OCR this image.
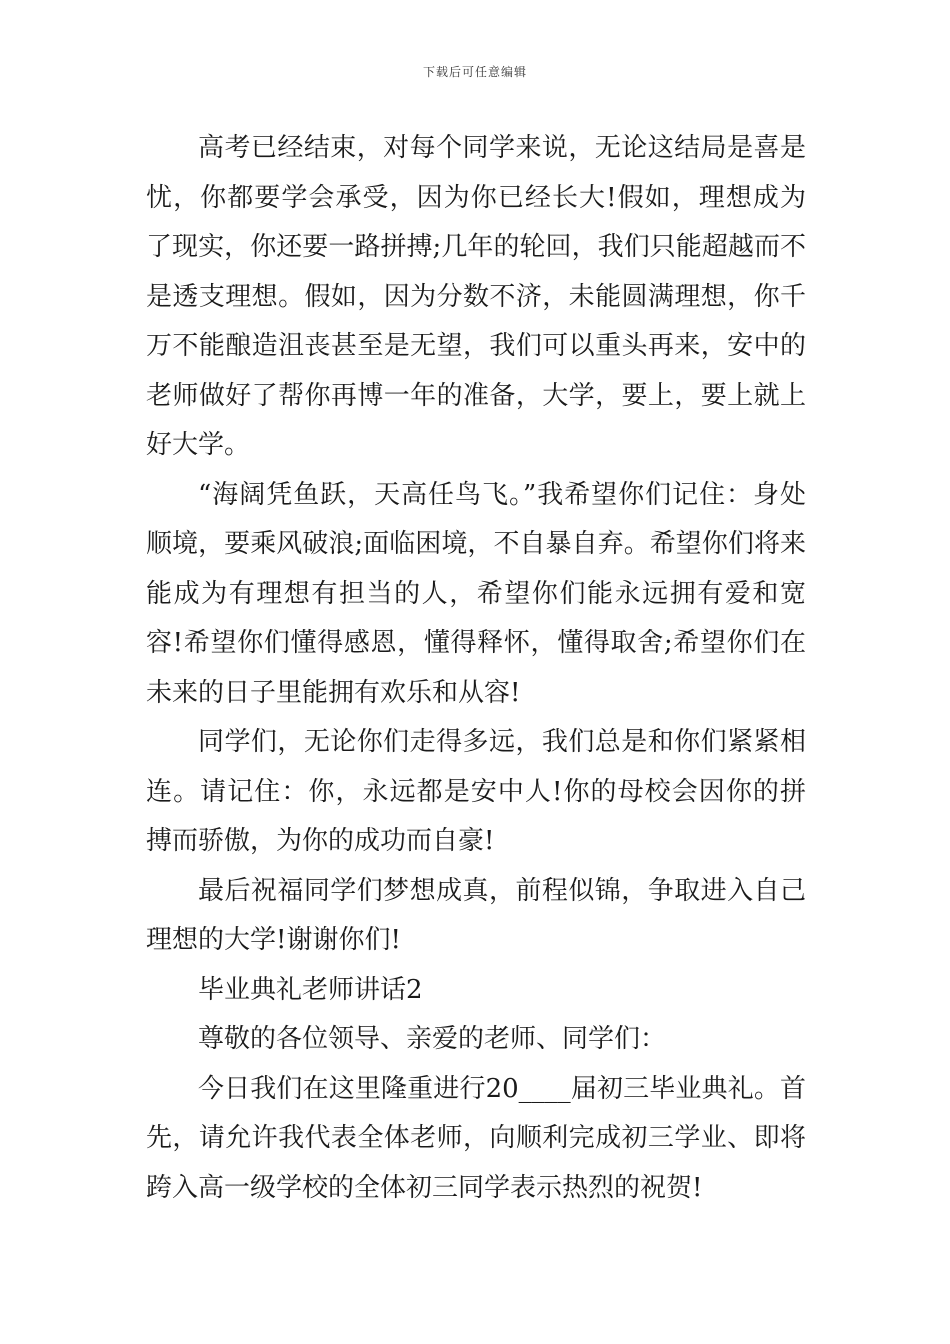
下载后可任意编辑

高考已经结束，对每个同学来说，无论这结局是喜是忧，你都要学会承受，因为你已经长大!假如，理想成为了现实，你还要一路拼搏;几年的轮回，我们只能超越而不是透支理想。假如，因为分数不济，未能圆满理想，你千万不能酿造沮丧甚至是无望，我们可以重头再来，安中的老师做好了帮你再博一年的准备，大学，要上，要上就上好大学。

“海阔凭鱼跃，天高任鸟飞。”我希望你们记住：身处顺境，要乘风破浪;面临困境，不自暴自弃。希望你们将来能成为有理想有担当的人，希望你们能永远拥有爱和宽容!希望你们懂得感恩，懂得释怀，懂得取舍;希望你们在未来的日子里能拥有欢乐和从容!

同学们，无论你们走得多远，我们总是和你们紧紧相连。请记住：你，永远都是安中人!你的母校会因你的拼搏而骄傲，为你的成功而自豪!

最后祝福同学们梦想成真，前程似锦，争取进入自己理想的大学!谢谢你们!

毕业典礼老师讲话2

尊敬的各位领导、亲爱的老师、同学们：

今日我们在这里隆重进行20____届初三毕业典礼。首先，请允许我代表全体老师，向顺利完成初三学业、即将跨入高一级学校的全体初三同学表示热烈的祝贺!
